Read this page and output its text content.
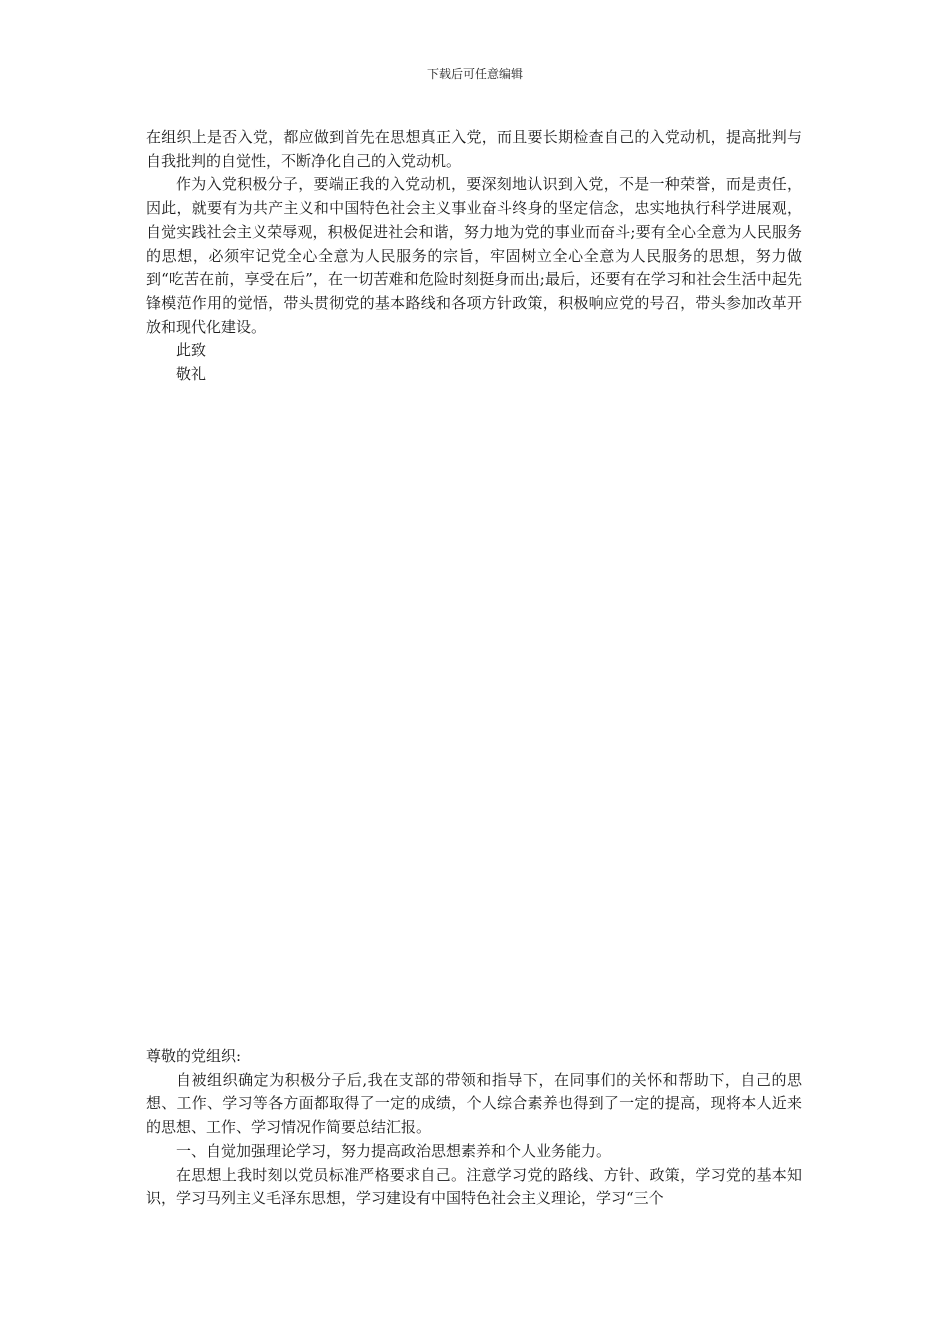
下载后可任意编辑

在组织上是否入党，都应做到首先在思想真正入党，而且要长期检查自己的入党动机，提高批判与自我批判的自觉性，不断净化自己的入党动机。

作为入党积极分子，要端正我的入党动机，要深刻地认识到入党，不是一种荣誉，而是责任，因此，就要有为共产主义和中国特色社会主义事业奋斗终身的坚定信念，忠实地执行科学进展观，自觉实践社会主义荣辱观，积极促进社会和谐，努力地为党的事业而奋斗;要有全心全意为人民服务的思想，必须牢记党全心全意为人民服务的宗旨，牢固树立全心全意为人民服务的思想，努力做到“吃苦在前，享受在后”，在一切苦难和危险时刻挺身而出;最后，还要有在学习和社会生活中起先锋模范作用的觉悟，带头贯彻党的基本路线和各项方针政策，积极响应党的号召，带头参加改革开放和现代化建设。

此致

敬礼

尊敬的党组织:

自被组织确定为积极分子后,我在支部的带领和指导下，在同事们的关怀和帮助下，自己的思想、工作、学习等各方面都取得了一定的成绩，个人综合素养也得到了一定的提高，现将本人近来的思想、工作、学习情况作简要总结汇报。

一、自觉加强理论学习，努力提高政治思想素养和个人业务能力。

在思想上我时刻以党员标准严格要求自己。注意学习党的路线、方针、政策，学习党的基本知识，学习马列主义毛泽东思想，学习建设有中国特色社会主义理论，学习“三个
